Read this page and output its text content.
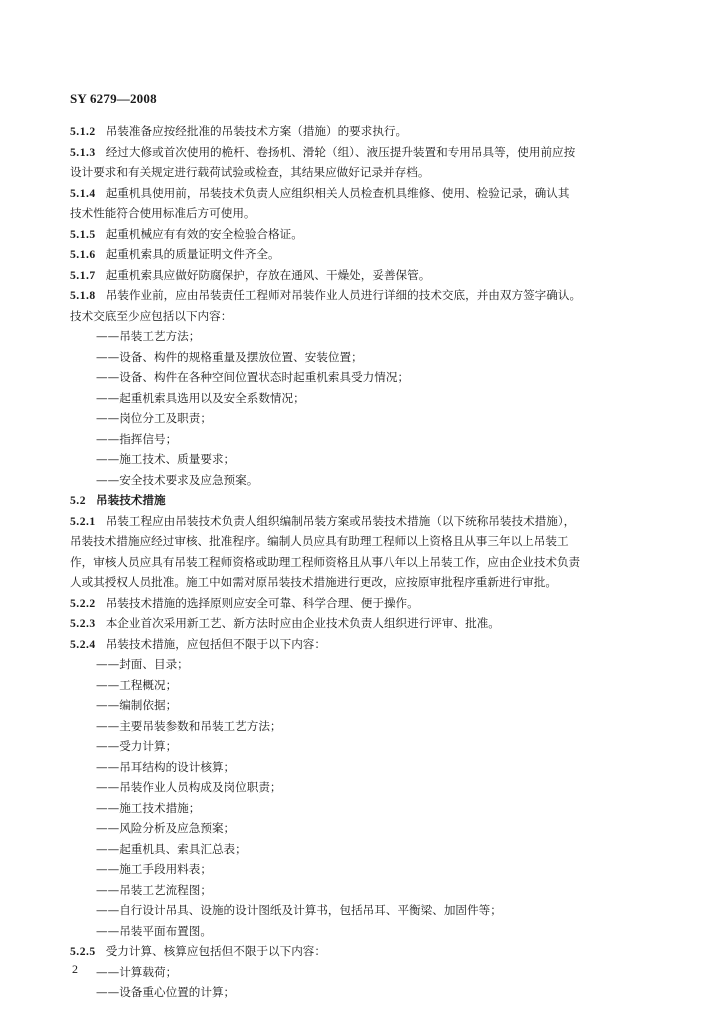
SY 6279—2008
5.1.2 吊装准备应按经批准的吊装技术方案（措施）的要求执行。
5.1.3 经过大修或首次使用的桅杆、卷扬机、滑轮（组）、液压提升装置和专用吊具等，使用前应按
设计要求和有关规定进行载荷试验或检查，其结果应做好记录并存档。
5.1.4 起重机具使用前，吊装技术负责人应组织相关人员检查机具维修、使用、检验记录，确认其
技术性能符合使用标准后方可使用。
5.1.5 起重机械应有有效的安全检验合格证。
5.1.6 起重机索具的质量证明文件齐全。
5.1.7 起重机索具应做好防腐保护，存放在通风、干燥处，妥善保管。
5.1.8 吊装作业前，应由吊装责任工程师对吊装作业人员进行详细的技术交底，并由双方签字确认。
技术交底至少应包括以下内容：
——吊装工艺方法；
——设备、构件的规格重量及摆放位置、安装位置；
——设备、构件在各种空间位置状态时起重机索具受力情况；
——起重机索具选用以及安全系数情况；
——岗位分工及职责；
——指挥信号；
——施工技术、质量要求；
——安全技术要求及应急预案。
5.2 吊装技术措施
5.2.1 吊装工程应由吊装技术负责人组织编制吊装方案或吊装技术措施（以下统称吊装技术措施），
吊装技术措施应经过审核、批准程序。编制人员应具有助理工程师以上资格且从事三年以上吊装工
作，审核人员应具有吊装工程师资格或助理工程师资格且从事八年以上吊装工作，应由企业技术负责
人或其授权人员批准。施工中如需对原吊装技术措施进行更改，应按原审批程序重新进行审批。
5.2.2 吊装技术措施的选择原则应安全可靠、科学合理、便于操作。
5.2.3 本企业首次采用新工艺、新方法时应由企业技术负责人组织进行评审、批准。
5.2.4 吊装技术措施，应包括但不限于以下内容：
——封面、目录；
——工程概况；
——编制依据；
——主要吊装参数和吊装工艺方法；
——受力计算；
——吊耳结构的设计核算；
——吊装作业人员构成及岗位职责；
——施工技术措施；
——风险分析及应急预案；
——起重机具、索具汇总表；
——施工手段用料表；
——吊装工艺流程图；
——自行设计吊具、设施的设计图纸及计算书，包括吊耳、平衡梁、加固件等；
——吊装平面布置图。
5.2.5 受力计算、核算应包括但不限于以下内容：
——计算载荷；
——设备重心位置的计算；
2
